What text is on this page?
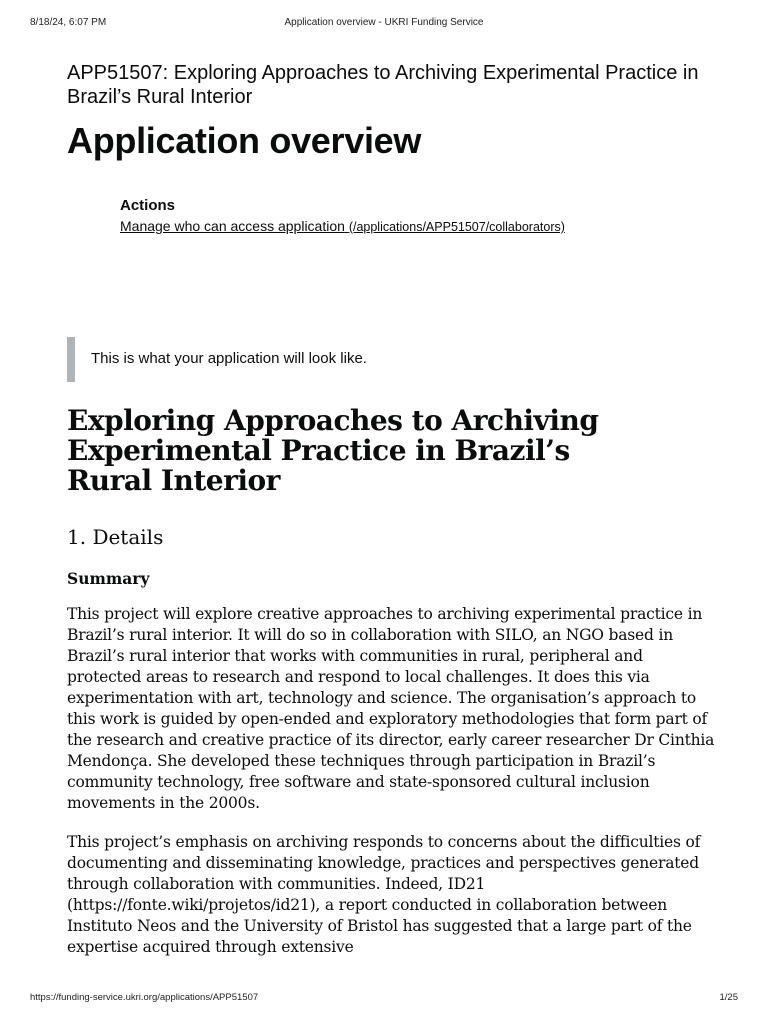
8/18/24, 6:07 PM	Application overview - UKRI Funding Service

APP51507: Exploring Approaches to Archiving Experimental Practice in Brazil’s Rural Interior

Application overview
Actions
Manage who can access application (/applications/APP51507/collaborators)
This is what your application will look like.
Exploring Approaches to Archiving Experimental Practice in Brazil’s Rural Interior
1. Details
Summary

This project will explore creative approaches to archiving experimental practice in Brazil’s rural interior. It will do so in collaboration with SILO, an NGO based in Brazil’s rural interior that works with communities in rural, peripheral and protected areas to research and respond to local challenges. It does this via experimentation with art, technology and science. The organisation’s approach to this work is guided by open-ended and exploratory methodologies that form part of the research and creative practice of its director, early career researcher Dr Cinthia Mendonça. She developed these techniques through participation in Brazil’s community technology, free software and state-sponsored cultural inclusion movements in the 2000s.

This project’s emphasis on archiving responds to concerns about the difficulties of documenting and disseminating knowledge, practices and perspectives generated through collaboration with communities. Indeed, ID21 (https://fonte.wiki/projetos/id21), a report conducted in collaboration between Instituto Neos and the University of Bristol has suggested that a large part of the expertise acquired through extensive

https://funding-service.ukri.org/applications/APP51507	1/25
